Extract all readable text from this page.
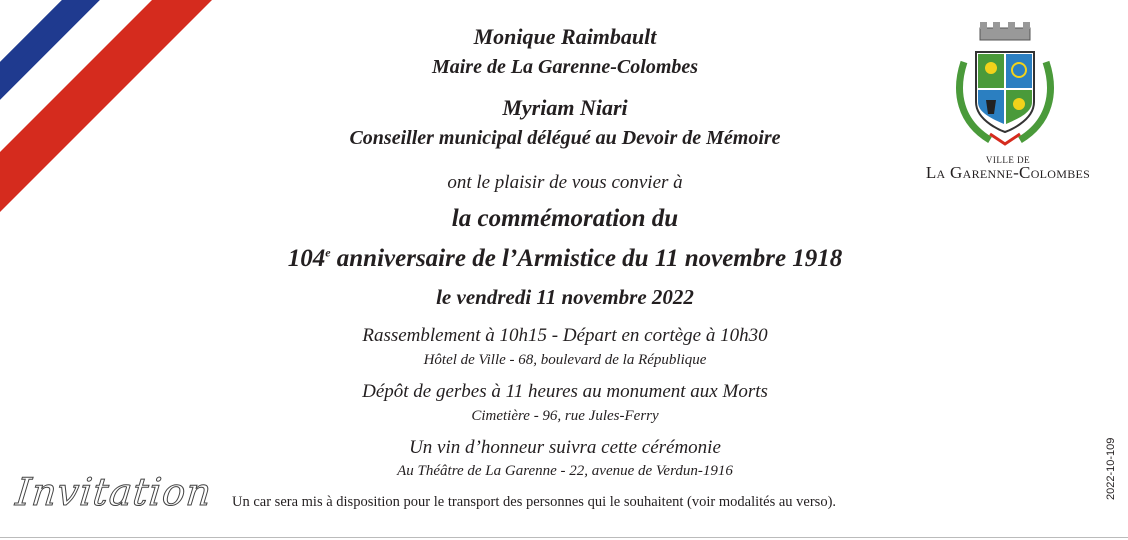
Monique Raimbault
Maire de La Garenne-Colombes
Myriam Niari
Conseiller municipal délégué au Devoir de Mémoire
ont le plaisir de vous convier à
la commémoration du
104e anniversaire de l’Armistice du 11 novembre 1918
le vendredi 11 novembre 2022
Rassemblement à 10h15 - Départ en cortège à 10h30
Hôtel de Ville - 68, boulevard de la République
Dépôt de gerbes à 11 heures au monument aux Morts
Cimetière - 96, rue Jules-Ferry
Un vin d’honneur suivra cette cérémonie
Au Théâtre de La Garenne - 22, avenue de Verdun-1916
Invitation Un car sera mis à disposition pour le transport des personnes qui le souhaitent (voir modalités au verso).
2022-10-109
VILLE DE
La Garenne-Colombes
